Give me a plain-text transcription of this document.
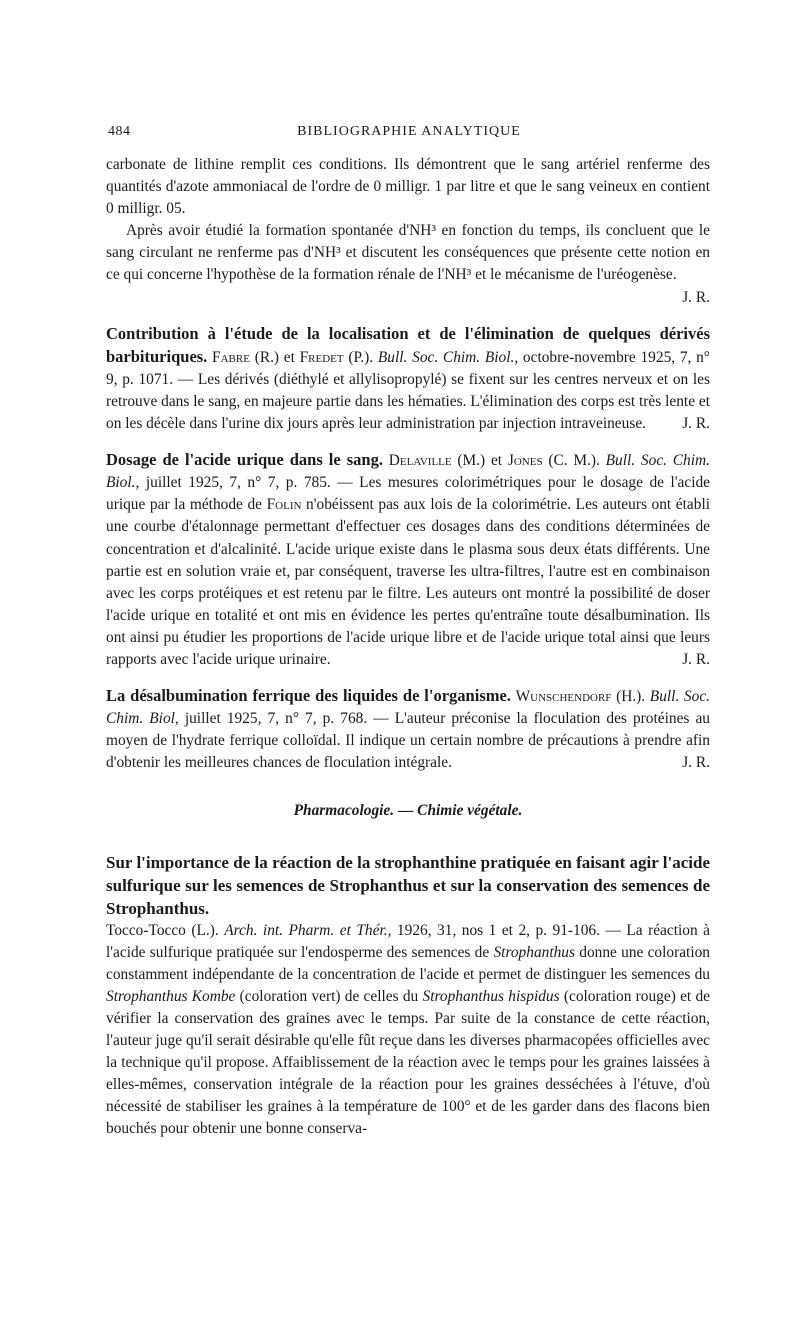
484	BIBLIOGRAPHIE ANALYTIQUE

carbonate de lithine remplit ces conditions. Ils démontrent que le sang artériel renferme des quantités d'azote ammoniacal de l'ordre de 0 milligr. 1 par litre et que le sang veineux en contient 0 milligr. 05.

Après avoir étudié la formation spontanée d'NH³ en fonction du temps, ils concluent que le sang circulant ne renferme pas d'NH³ et discutent les conséquences que présente cette notion en ce qui concerne l'hypothèse de la formation rénale de l'NH³ et le mécanisme de l'uréogenèse.
J. R.

Contribution à l'étude de la localisation et de l'élimination de quelques dérivés barbituriques. Fabre (R.) et Fredet (P.). Bull. Soc. Chim. Biol., octobre-novembre 1925, 7, n° 9, p. 1071. — Les dérivés (diéthylé et allylisopropylé) se fixent sur les centres nerveux et on les retrouve dans le sang, en majeure partie dans les hématies. L'élimination des corps est très lente et on les décèle dans l'urine dix jours après leur administration par injection intraveineuse. J. R.
Dosage de l'acide urique dans le sang. Delaville (M.) et Jones (C. M.). Bull. Soc. Chim. Biol., juillet 1925, 7, n° 7, p. 785. — Les mesures colorimétriques pour le dosage de l'acide urique par la méthode de Folin n'obéissent pas aux lois de la colorimétrie. Les auteurs ont établi une courbe d'étalonnage permettant d'effectuer ces dosages dans des conditions déterminées de concentration et d'alcalinité. L'acide urique existe dans le plasma sous deux états différents. Une partie est en solution vraie et, par conséquent, traverse les ultra-filtres, l'autre est en combinaison avec les corps protéiques et est retenu par le filtre. Les auteurs ont montré la possibilité de doser l'acide urique en totalité et ont mis en évidence les pertes qu'entraîne toute désalbumination. Ils ont ainsi pu étudier les proportions de l'acide urique libre et de l'acide urique total ainsi que leurs rapports avec l'acide urique urinaire.	J. R.
La désalbumination ferrique des liquides de l'organisme. Wunschendorf (H.). Bull. Soc. Chim. Biol, juillet 1925, 7, n° 7, p. 768. — L'auteur préconise la floculation des protéines au moyen de l'hydrate ferrique colloïdal. Il indique un certain nombre de précautions à prendre afin d'obtenir les meilleures chances de floculation intégrale.	J. R.
Pharmacologie. — Chimie végétale.
Sur l'importance de la réaction de la strophanthine pratiquée en faisant agir l'acide sulfurique sur les semences de Strophanthus et sur la conservation des semences de Strophanthus.

Tocco-Tocco (L.). Arch. int. Pharm. et Thér., 1926, 31, nos 1 et 2, p. 91-106. — La réaction à l'acide sulfurique pratiquée sur l'endosperme des semences de Strophanthus donne une coloration constamment indépendante de la concentration de l'acide et permet de distinguer les semences du Strophanthus Kombe (coloration vert) de celles du Strophanthus hispidus (coloration rouge) et de vérifier la conservation des graines avec le temps. Par suite de la constance de cette réaction, l'auteur juge qu'il serait désirable qu'elle fût reçue dans les diverses pharmacopées officielles avec la technique qu'il propose. Affaiblissement de la réaction avec le temps pour les graines laissées à elles-mêmes, conservation intégrale de la réaction pour les graines desséchées à l'étuve, d'où nécessité de stabiliser les graines à la température de 100° et de les garder dans des flacons bien bouchés pour obtenir une bonne conserva-
